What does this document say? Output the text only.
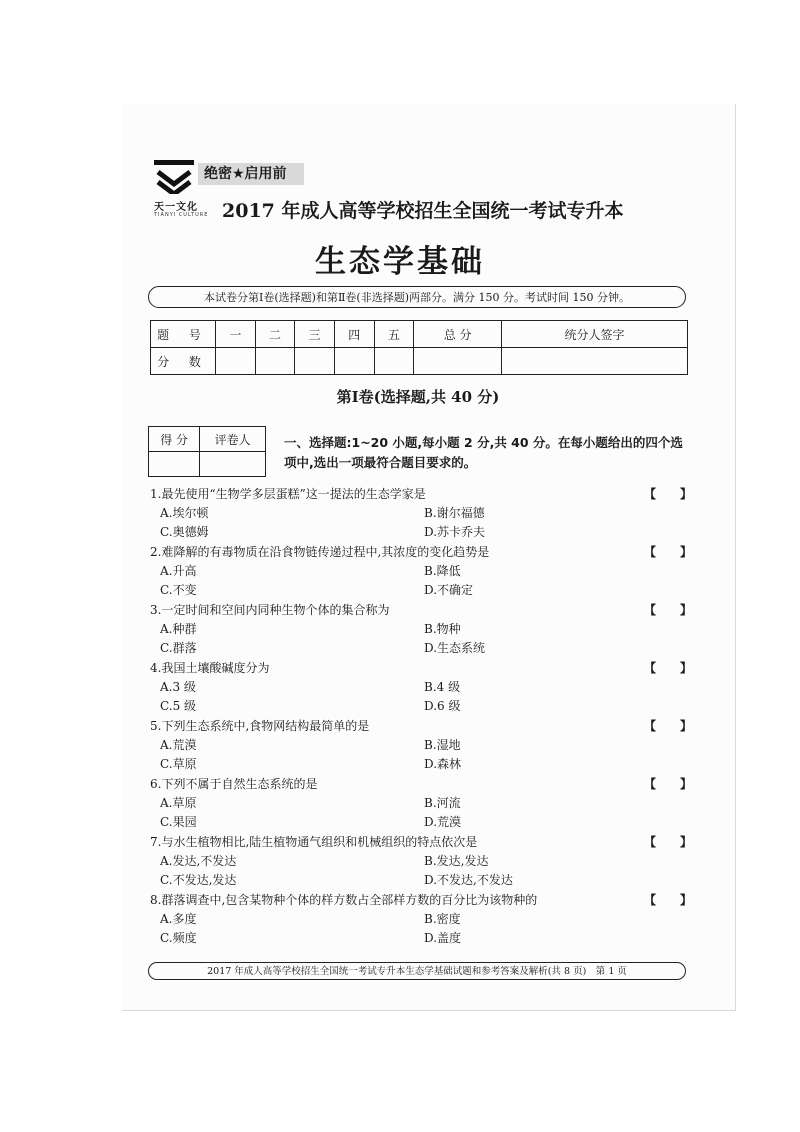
天一文化
TIANYI CULTURE
绝密★启用前
2017 年成人高等学校招生全国统一考试专升本
生态学基础
本试卷分第Ⅰ卷(选择题)和第Ⅱ卷(非选择题)两部分。满分 150 分。考试时间 150 分钟。
题 号	一	二	三	四	五	总 分	统分人签字
分 数							
第Ⅰ卷(选择题,共 40 分)
得 分	评卷人
		一、选择题:1~20 小题,每小题 2 分,共 40 分。在每小题给出的四个选项中,选出一项最符合题目要求的。
1.最先使用“生物学多层蛋糕”这一提法的生态学家是	【　　】
A.埃尔顿	B.谢尔福德
C.奥德姆	D.苏卡乔夫
2.难降解的有毒物质在沿食物链传递过程中,其浓度的变化趋势是	【　　】
A.升高	B.降低
C.不变	D.不确定
3.一定时间和空间内同种生物个体的集合称为	【　　】
A.种群	B.物种
C.群落	D.生态系统
4.我国土壤酸碱度分为	【　　】
A.3 级	B.4 级
C.5 级	D.6 级
5.下列生态系统中,食物网结构最简单的是	【　　】
A.荒漠	B.湿地
C.草原	D.森林
6.下列不属于自然生态系统的是	【　　】
A.草原	B.河流
C.果园	D.荒漠
7.与水生植物相比,陆生植物通气组织和机械组织的特点依次是	【　　】
A.发达,不发达	B.发达,发达
C.不发达,发达	D.不发达,不发达
8.群落调查中,包含某物种个体的样方数占全部样方数的百分比为该物种的	【　　】
A.多度	B.密度
C.频度	D.盖度
2017 年成人高等学校招生全国统一考试专升本生态学基础试题和参考答案及解析(共 8 页)　第 1 页
